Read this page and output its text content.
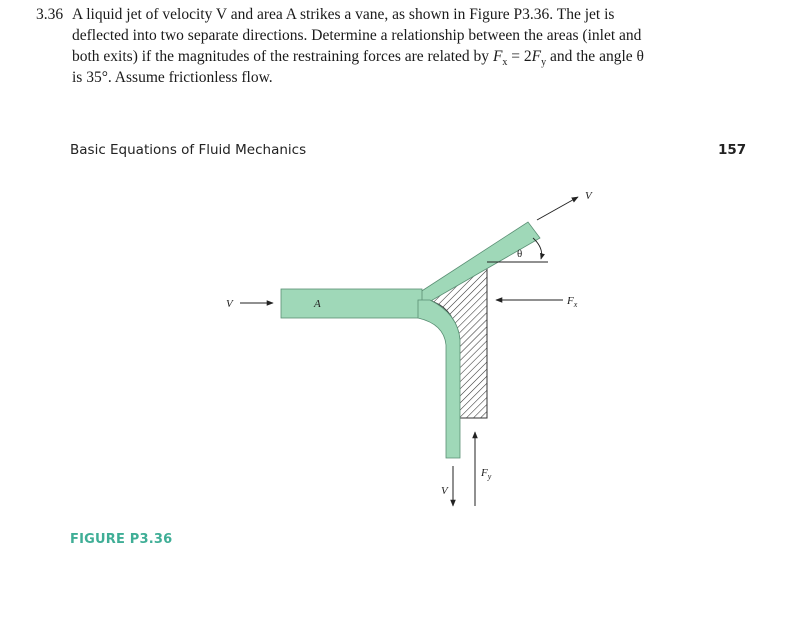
3.36 A liquid jet of velocity V and area A strikes a vane, as shown in Figure P3.36. The jet is
deflected into two separate directions. Determine a relationship between the areas (inlet and
both exits) if the magnitudes of the restraining forces are related by $F_x = 2F_y$ and the angle θ
is 35°. Assume frictionless flow.
Basic Equations of Fluid Mechanics	157
V	A
V
θ
$F_x$
$F_y$
V
FIGURE P3.36
